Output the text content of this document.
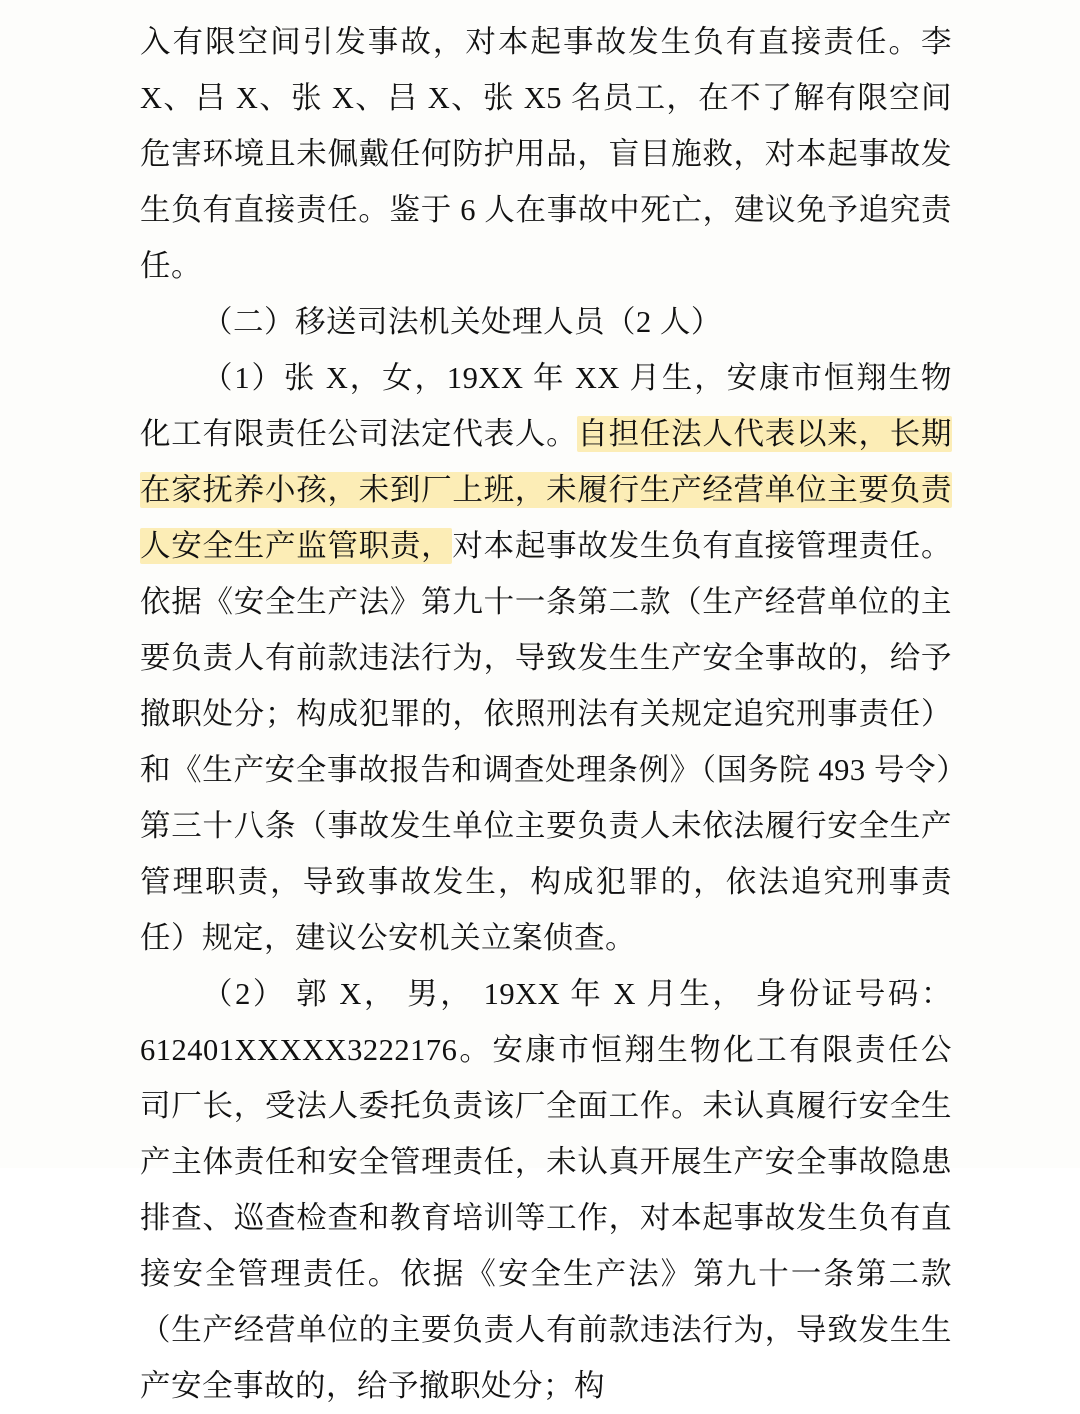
入有限空间引发事故，对本起事故发生负有直接责任。李 X、吕 X、张 X、吕 X、张 X5 名员工，在不了解有限空间危害环境且未佩戴任何防护用品，盲目施救，对本起事故发生负有直接责任。鉴于 6 人在事故中死亡，建议免予追究责任。

（二）移送司法机关处理人员（2 人）

（1）张 X，女，19XX 年 XX 月生，安康市恒翔生物化工有限责任公司法定代表人。自担任法人代表以来，长期在家抚养小孩，未到厂上班，未履行生产经营单位主要负责人安全生产监管职责，对本起事故发生负有直接管理责任。依据《安全生产法》第九十一条第二款（生产经营单位的主要负责人有前款违法行为，导致发生生产安全事故的，给予撤职处分；构成犯罪的，依照刑法有关规定追究刑事责任）和《生产安全事故报告和调查处理条例》（国务院 493 号令）第三十八条（事故发生单位主要负责人未依法履行安全生产管理职责，导致事故发生，构成犯罪的，依法追究刑事责任）规定，建议公安机关立案侦查。

（2） 郭 X， 男， 19XX 年 X 月生， 身份证号码：
612401XXXXX3222176。安康市恒翔生物化工有限责任公司厂长，受法人委托负责该厂全面工作。未认真履行安全生产主体责任和安全管理责任，未认真开展生产安全事故隐患排查、巡查检查和教育培训等工作，对本起事故发生负有直接安全管理责任。依据《安全生产法》第九十一条第二款（生产经营单位的主要负责人有前款违法行为，导致发生生产安全事故的，给予撤职处分；构
